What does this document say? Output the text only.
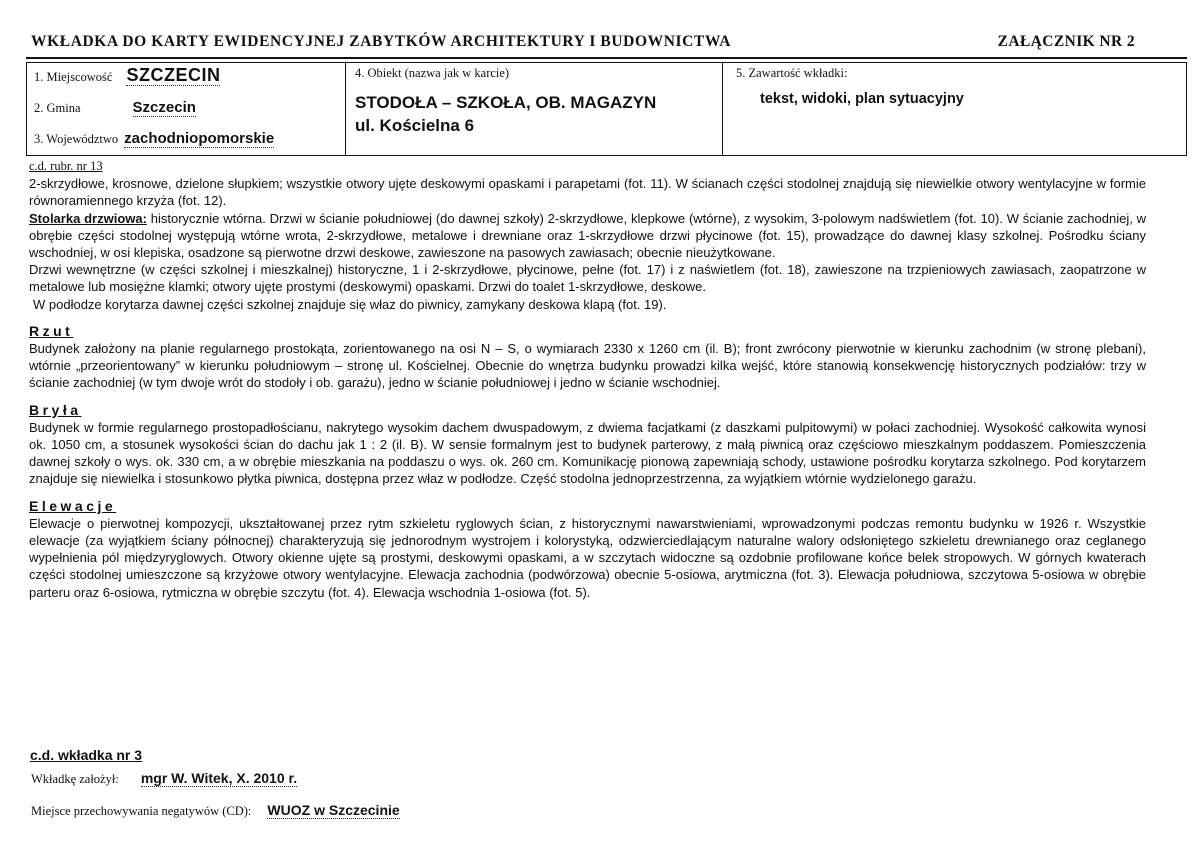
WKŁADKA DO KARTY EWIDENCYJNEJ ZABYTKÓW ARCHITEKTURY I BUDOWNICTWA	ZAŁĄCZNIK NR 2
1. Miejscowość SZCZECIN
2. Gmina	Szczecin
3. Województwo zachodniopomorskie
4. Obiekt (nazwa jak w karcie)
STODOŁA – SZKOŁA, OB. MAGAZYN
ul. Kościelna 6
5. Zawartość wkładki:
tekst, widoki, plan sytuacyjny

c.d. rubr. nr 13

2-skrzydłowe, krosnowe, dzielone słupkiem; wszystkie otwory ujęte deskowymi opaskami i parapetami (fot. 11). W ścianach części stodolnej znajdują się niewielkie otwory wentylacyjne w formie równoramiennego krzyża (fot. 12).

Stolarka drzwiowa: historycznie wtórna. Drzwi w ścianie południowej (do dawnej szkoły) 2-skrzydłowe, klepkowe (wtórne), z wysokim, 3-polowym nadświetlem (fot. 10). W ścianie zachodniej, w obrębie części stodolnej występują wtórne wrota, 2-skrzydłowe, metalowe i drewniane oraz 1-skrzydłowe drzwi płycinowe (fot. 15), prowadzące do dawnej klasy szkolnej. Pośrodku ściany wschodniej, w osi klepiska, osadzone są pierwotne drzwi deskowe, zawieszone na pasowych zawiasach; obecnie nieużytkowane.

Drzwi wewnętrzne (w części szkolnej i mieszkalnej) historyczne, 1 i 2-skrzydłowe, płycinowe, pełne (fot. 17) i z naświetlem (fot. 18), zawieszone na trzpieniowych zawiasach, zaopatrzone w metalowe lub mosiężne klamki; otwory ujęte prostymi (deskowymi) opaskami. Drzwi do toalet 1-skrzydłowe, deskowe.

W podłodze korytarza dawnej części szkolnej znajduje się właz do piwnicy, zamykany deskowa klapą (fot. 19).

Rzut

Budynek założony na planie regularnego prostokąta, zorientowanego na osi N – S, o wymiarach 2330 x 1260 cm (il. B); front zwrócony pierwotnie w kierunku zachodnim (w stronę plebani), wtórnie „przeorientowany” w kierunku południowym – stronę ul. Kościelnej. Obecnie do wnętrza budynku prowadzi kilka wejść, które stanowią konsekwencję historycznych podziałów: trzy w ścianie zachodniej (w tym dwoje wrót do stodoły i ob. garażu), jedno w ścianie południowej i jedno w ścianie wschodniej.

Bryła

Budynek w formie regularnego prostopadłościanu, nakrytego wysokim dachem dwuspadowym, z dwiema facjatkami (z daszkami pulpitowymi) w połaci zachodniej. Wysokość całkowita wynosi ok. 1050 cm, a stosunek wysokości ścian do dachu jak 1 : 2 (il. B). W sensie formalnym jest to budynek parterowy, z małą piwnicą oraz częściowo mieszkalnym poddaszem. Pomieszczenia dawnej szkoły o wys. ok. 330 cm, a w obrębie mieszkania na poddaszu o wys. ok. 260 cm. Komunikację pionową zapewniają schody, ustawione pośrodku korytarza szkolnego. Pod korytarzem znajduje się niewielka i stosunkowo płytka piwnica, dostępna przez właz w podłodze. Część stodolna jednoprzestrzenna, za wyjątkiem wtórnie wydzielonego garażu.

Elewacje

Elewacje o pierwotnej kompozycji, ukształtowanej przez rytm szkieletu ryglowych ścian, z historycznymi nawarstwieniami, wprowadzonymi podczas remontu budynku w 1926 r. Wszystkie elewacje (za wyjątkiem ściany północnej) charakteryzują się jednorodnym wystrojem i kolorystyką, odzwierciedlającym naturalne walory odsłoniętego szkieletu drewnianego oraz ceglanego wypełnienia pól międzyryglowych. Otwory okienne ujęte są prostymi, deskowymi opaskami, a w szczytach widoczne są ozdobnie profilowane końce belek stropowych. W górnych kwaterach części stodolnej umieszczone są krzyżowe otwory wentylacyjne. Elewacja zachodnia (podwórzowa) obecnie 5-osiowa, arytmiczna (fot. 3). Elewacja południowa, szczytowa 5-osiowa w obrębie parteru oraz 6-osiowa, rytmiczna w obrębie szczytu (fot. 4). Elewacja wschodnia 1-osiowa (fot. 5).

c.d. wkładka nr 3
Wkładkę założył: mgr W. Witek, X. 2010 r.
Miejsce przechowywania negatywów (CD): WUOZ w Szczecinie
